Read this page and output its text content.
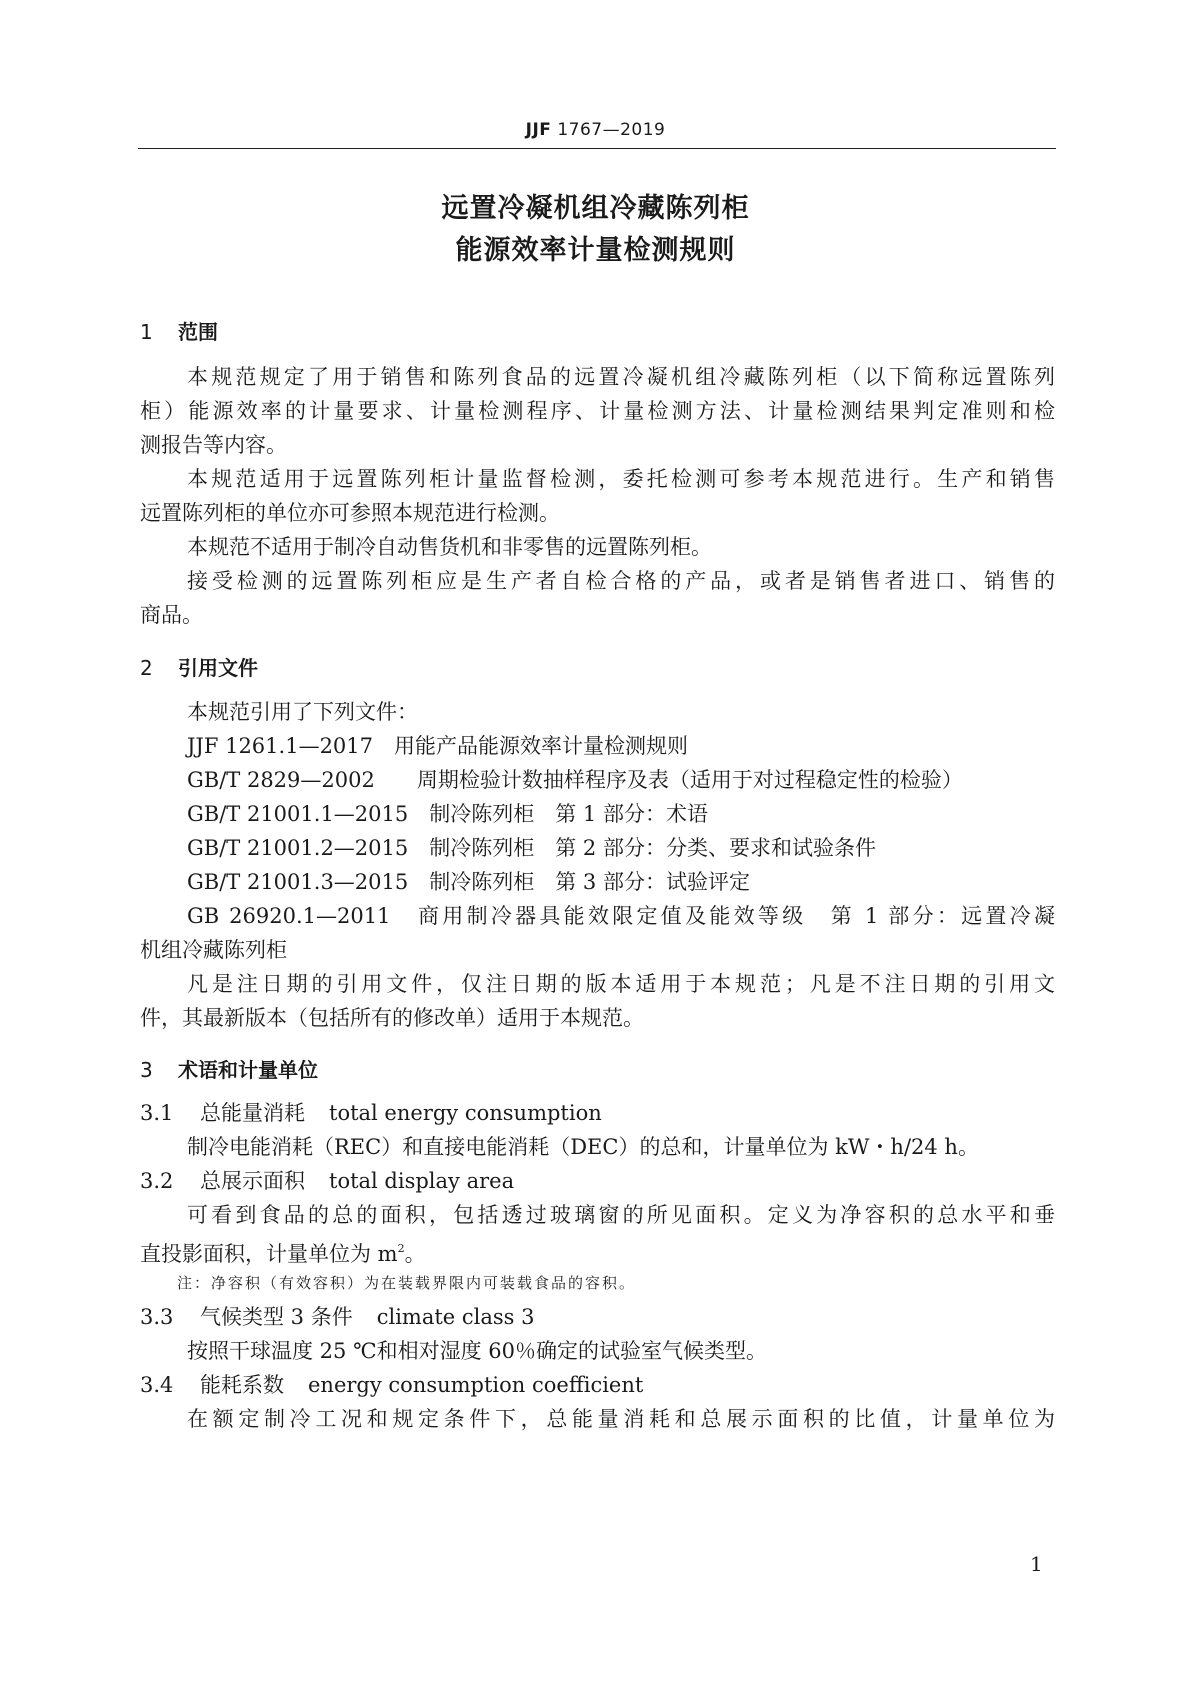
JJF 1767—2019
远置冷凝机组冷藏陈列柜
能源效率计量检测规则
1 范围
本规范规定了用于销售和陈列食品的远置冷凝机组冷藏陈列柜（以下简称远置陈列
柜）能源效率的计量要求、计量检测程序、计量检测方法、计量检测结果判定准则和检
测报告等内容。
本规范适用于远置陈列柜计量监督检测，委托检测可参考本规范进行。生产和销售
远置陈列柜的单位亦可参照本规范进行检测。
本规范不适用于制冷自动售货机和非零售的远置陈列柜。
接受检测的远置陈列柜应是生产者自检合格的产品，或者是销售者进口、销售的
商品。
2 引用文件
本规范引用了下列文件：
JJF 1261.1—2017　用能产品能源效率计量检测规则
GB/T 2829—2002　　周期检验计数抽样程序及表（适用于对过程稳定性的检验）
GB/T 21001.1—2015　制冷陈列柜　第 1 部分：术语
GB/T 21001.2—2015　制冷陈列柜　第 2 部分：分类、要求和试验条件
GB/T 21001.3—2015　制冷陈列柜　第 3 部分：试验评定
GB 26920.1—2011　商用制冷器具能效限定值及能效等级　第 1 部分：远置冷凝
机组冷藏陈列柜
凡是注日期的引用文件，仅注日期的版本适用于本规范；凡是不注日期的引用文
件，其最新版本（包括所有的修改单）适用于本规范。
3 术语和计量单位
3.1 总能量消耗 total energy consumption
制冷电能消耗（REC）和直接电能消耗（DEC）的总和，计量单位为 kW・h/24 h。
3.2 总展示面积 total display area
可看到食品的总的面积，包括透过玻璃窗的所见面积。定义为净容积的总水平和垂
直投影面积，计量单位为 $m^2$。
注：净容积（有效容积）为在装载界限内可装载食品的容积。
3.3 气候类型 3 条件 climate class 3
按照干球温度 25 ℃和相对湿度 60％确定的试验室气候类型。
3.4 能耗系数 energy consumption coefficient
在额定制冷工况和规定条件下，总能量消耗和总展示面积的比值，计量单位为
1
